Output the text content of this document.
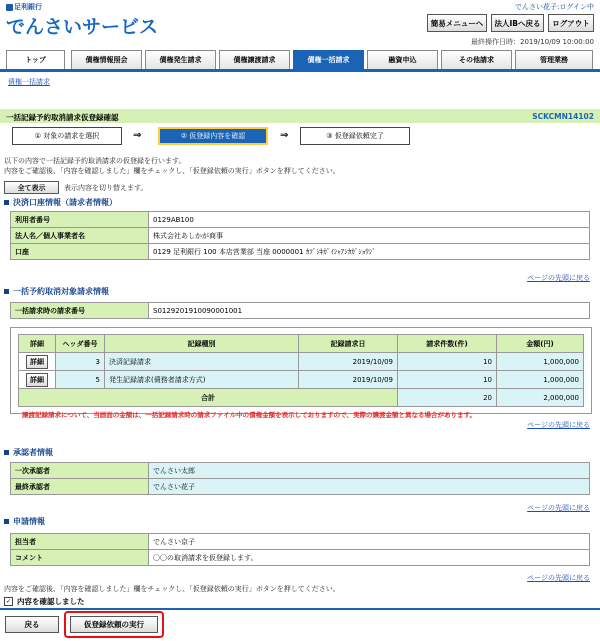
足利銀行
でんさいサービス
でんさい花子:ログイン中
簡易メニューへ	法人IBへ戻る	ログアウト
最終操作日時：2019/10/09 10:00:00
トップ	債権情報照会	債権発生請求	債権譲渡請求	債権一括請求	融資申込	その他請求	管理業務
債権一括請求
一括記録予約取消請求仮登録確認	SCKCMN14102
① 対象の請求を選択	⇒	② 仮登録内容を確認	⇒	③ 仮登録依頼完了
以下の内容で一括記録予約取消請求の仮登録を行います。
内容をご確認後、「内容を確認しました」欄をチェックし、「仮登録依頼の実行」ボタンを押してください。
全て表示	表示内容を切り替えます。
決済口座情報（請求者情報）
利用者番号	0129AB100
法人名／個人事業者名	株式会社あしかが商事
口座	0129 足利銀行 100 本店営業部 当座 0000001 ｶﾌﾞｼｷｶﾞｲｼｬｱｼｶｶﾞｼｮｳｼﾞ
ページの先頭に戻る
一括予約取消対象請求情報
一括請求時の請求番号	S0129201910090001001
詳細	ヘッダ番号	記録種別	記録請求日	請求件数(件)	金額(円)
詳細	3	決済記録請求	2019/10/09	10	1,000,000
詳細	5	発生記録請求(債務者請求方式)	2019/10/09	10	1,000,000
合計				20	2,000,000
譲渡記録請求について、当画面の金額は、一括記録請求時の請求ファイル中の債権金額を表示しておりますので、実際の譲渡金額と異なる場合があります。
ページの先頭に戻る
承認者情報
一次承認者	でんさい太郎
最終承認者	でんさい花子
ページの先頭に戻る
申請情報
担当者	でんさい京子
コメント	〇〇の取消請求を仮登録します。
ページの先頭に戻る
内容をご確認後、「内容を確認しました」欄をチェックし、「仮登録依頼の実行」ボタンを押してください。
✓ 内容を確認しました
戻る	仮登録依頼の実行
